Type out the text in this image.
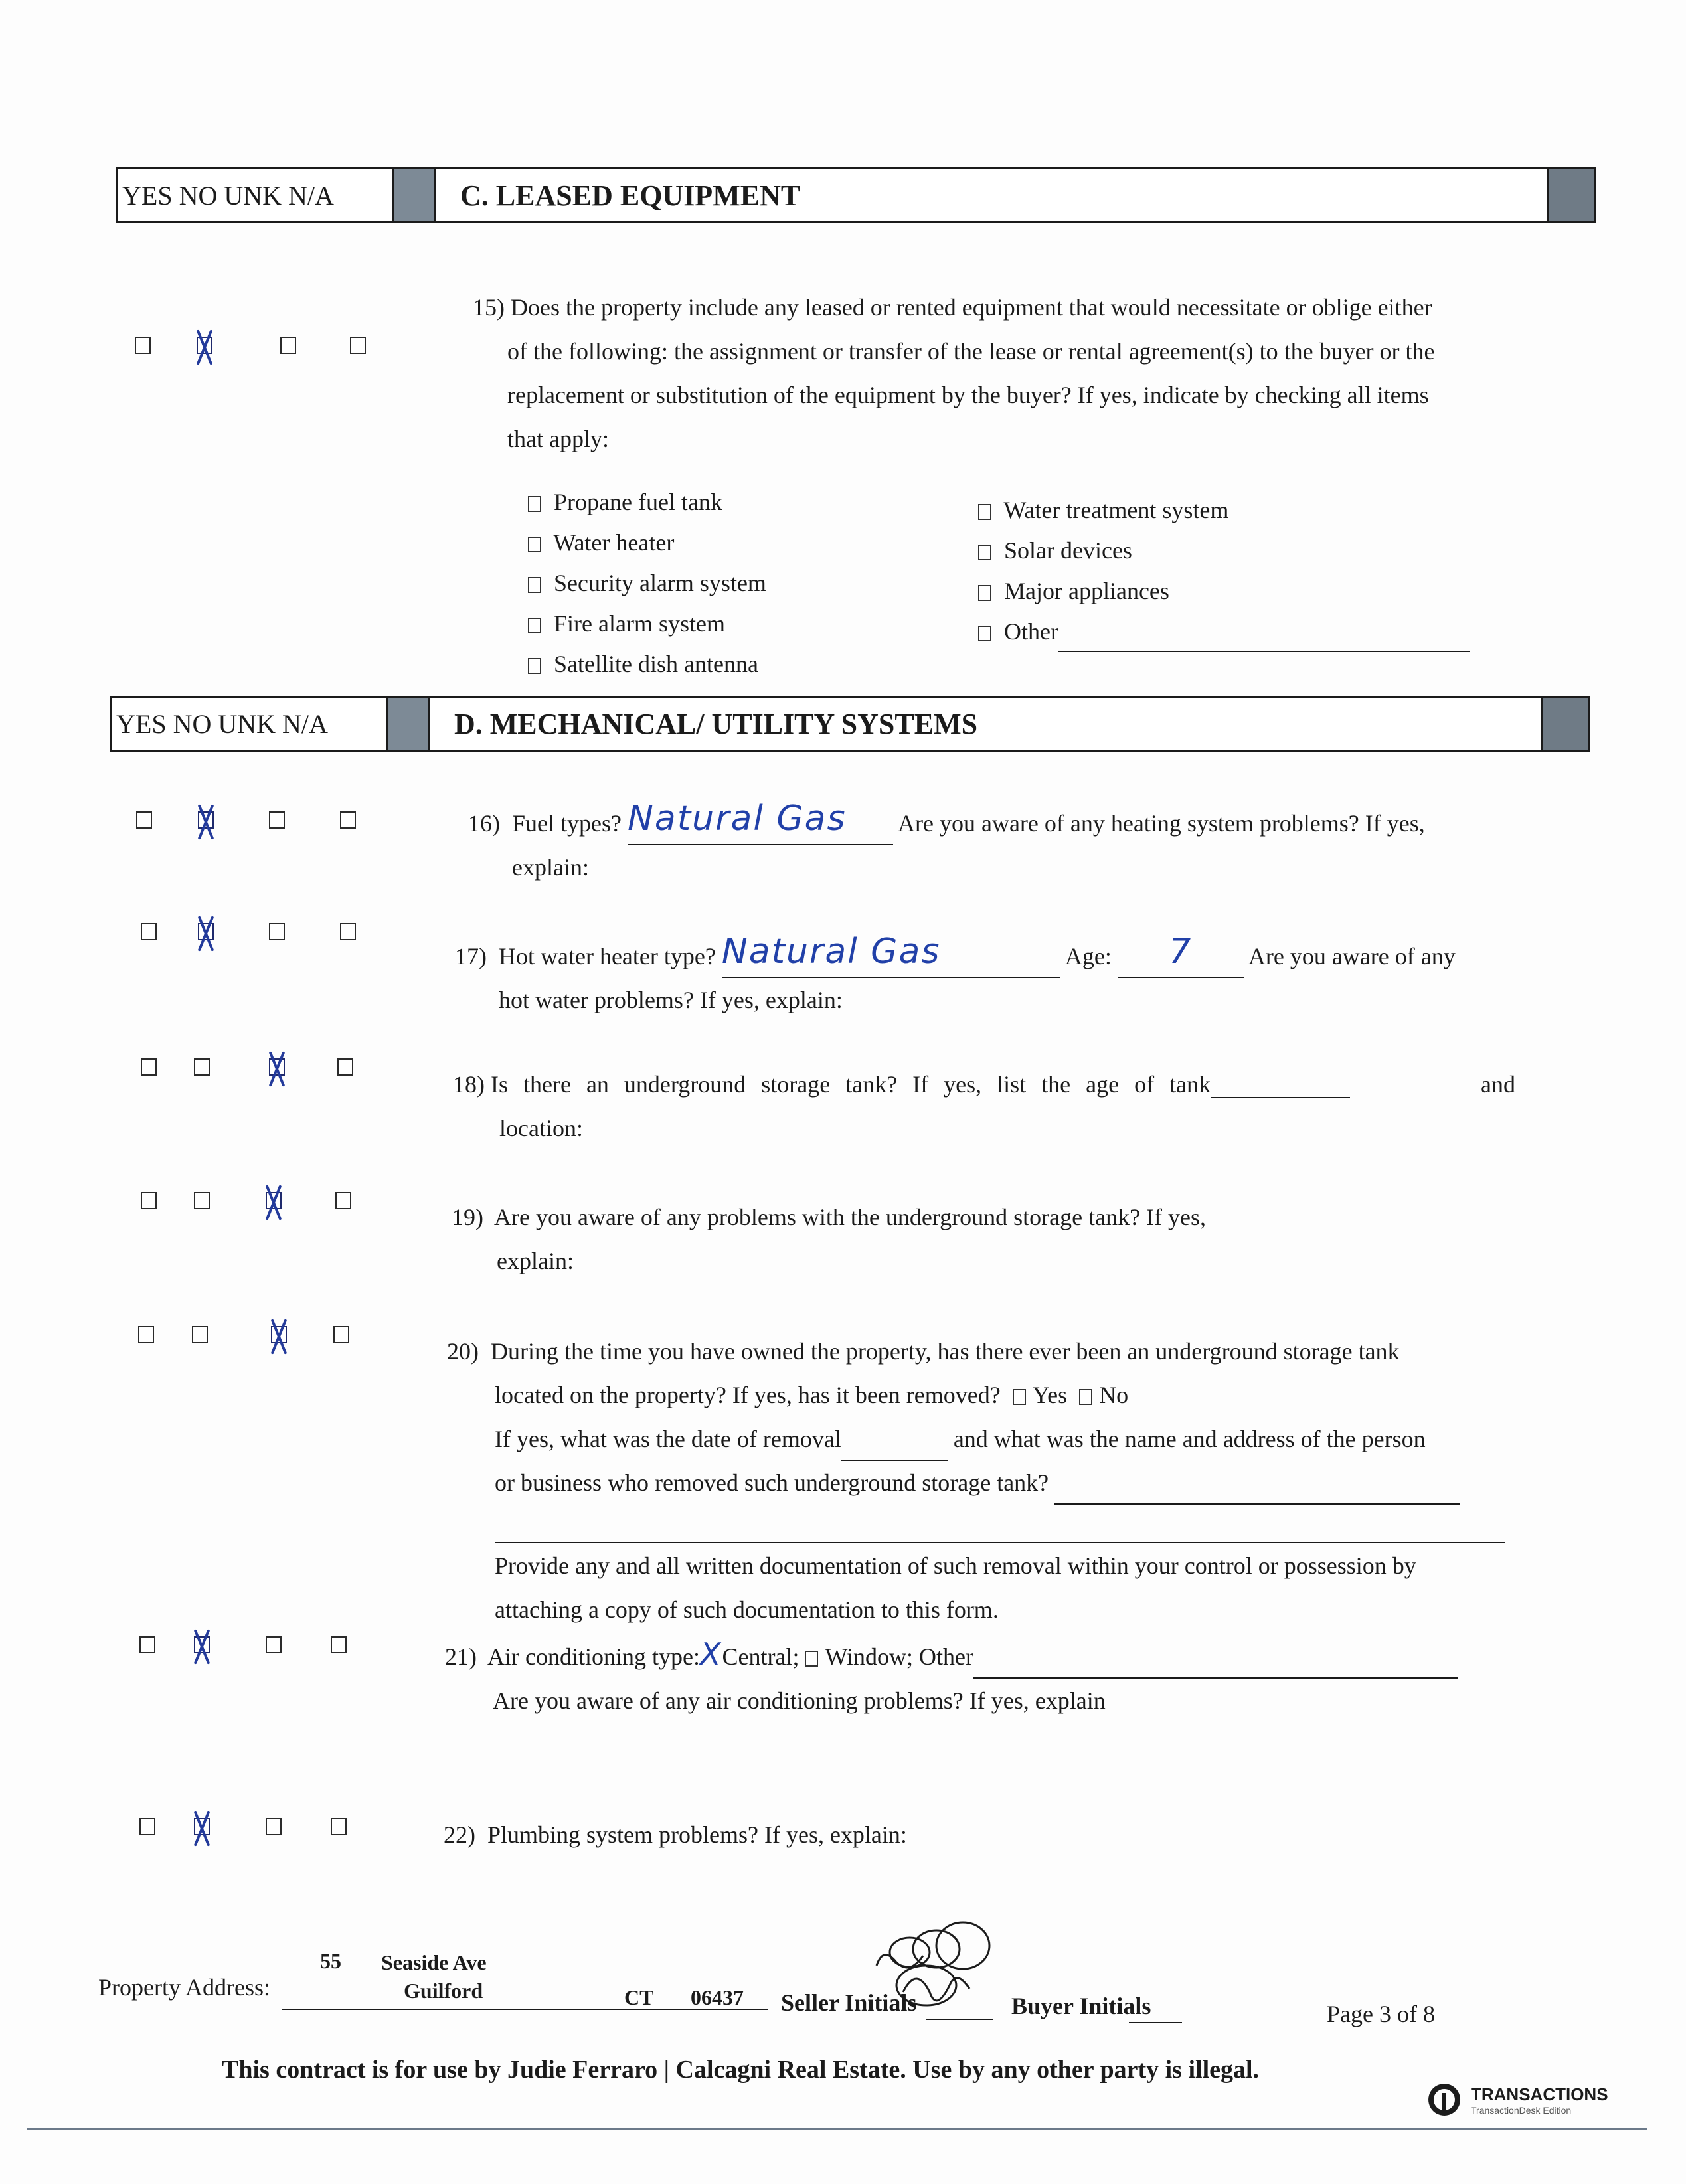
YES NO UNK N/A	C. LEASED EQUIPMENT
15) Does the property include any leased or rented equipment that would necessitate or oblige either
of the following: the assignment or transfer of the lease or rental agreement(s) to the buyer or the
replacement or substitution of the equipment by the buyer? If yes, indicate by checking all items
that apply:
Propane fuel tank
Water heater
Security alarm system
Fire alarm system
Satellite dish antenna
Water treatment system
Solar devices
Major appliances
Other
YES NO UNK N/A	D. MECHANICAL/ UTILITY SYSTEMS
16) Fuel types? Natural Gas Are you aware of any heating system problems? If yes,
explain:
17) Hot water heater type? Natural Gas	Age: 7 Are you aware of any
hot water problems? If yes, explain:
18)
Is there an underground storage tank? If yes, list the age of tank	and
location:
19) Are you aware of any problems with the underground storage tank? If yes,
explain:
20) During the time you have owned the property, has there ever been an underground storage tank
located on the property? If yes, has it been removed? Yes No
If yes, what was the date of removal	and what was the name and address of the person
or business who removed such underground storage tank?
Provide any and all written documentation of such removal within your control or possession by
attaching a copy of such documentation to this form.
21) Air conditioning type:XCentral; Window; Other
Are you aware of any air conditioning problems? If yes, explain
22) Plumbing system problems? If yes, explain:
Property Address:
55 Seaside Ave
Guilford	CT 06437 Seller Initials	Buyer Initials	Page 3 of 8
This contract is for use by Judie Ferraro | Calcagni Real Estate. Use by any other party is illegal.
TRANSACTIONS
TransactionDesk Edition
